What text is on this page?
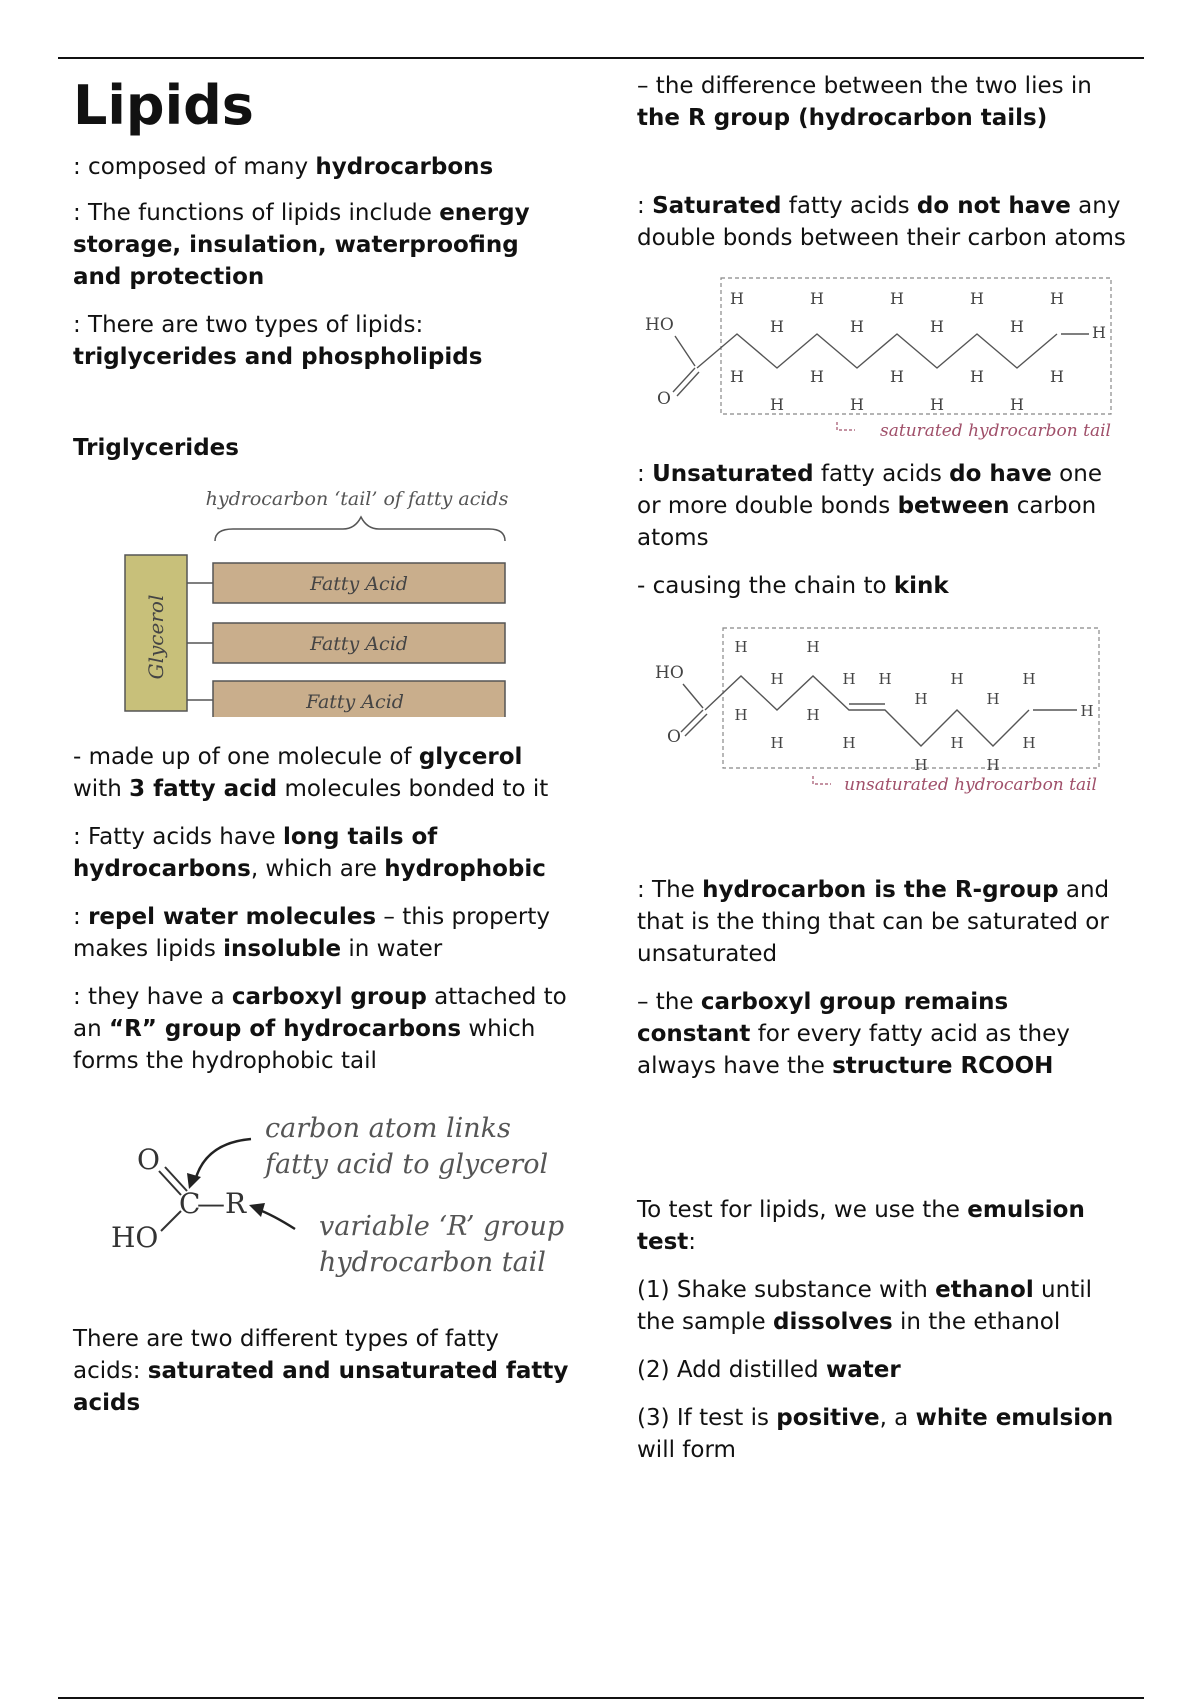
Lipids

: composed of many hydrocarbons

: The functions of lipids include energy storage, insulation, waterproofing and protection

: There are two types of lipids:
triglycerides and phospholipids

Triglycerides
hydrocarbon ‘tail’ of fatty acids
Glycerol
Fatty Acid
Fatty Acid
Fatty Acid

- made up of one molecule of glycerol with 3 fatty acid molecules bonded to it

: Fatty acids have long tails of hydrocarbons, which are hydrophobic

: repel water molecules – this property makes lipids insoluble in water

: they have a carboxyl group attached to an “R” group of hydrocarbons which forms the hydrophobic tail

O
C
—R
HO
carbon atom links
fatty acid to glycerol
variable ‘R’ group
hydrocarbon tail

There are two different types of fatty acids: saturated and unsaturated fatty acids

– the difference between the two lies in the R group (hydrocarbon tails)

: Saturated fatty acids do not have any double bonds between their carbon atoms

HO
O
H
H
H
H
H
H
H
H
H
H
H
H
H
H
H
H
H
H
H
saturated hydrocarbon tail

: Unsaturated fatty acids do have one or more double bonds between carbon atoms

- causing the chain to kink

HO
O
H
H
H
H
H
H
H
H
H
H
H
H
H
H
H
H
H
H
unsaturated hydrocarbon tail

: The hydrocarbon is the R-group and that is the thing that can be saturated or unsaturated

– the carboxyl group remains constant for every fatty acid as they always have the structure RCOOH

To test for lipids, we use the emulsion test:

(1) Shake substance with ethanol until the sample dissolves in the ethanol

(2) Add distilled water

(3) If test is positive, a white emulsion will form
